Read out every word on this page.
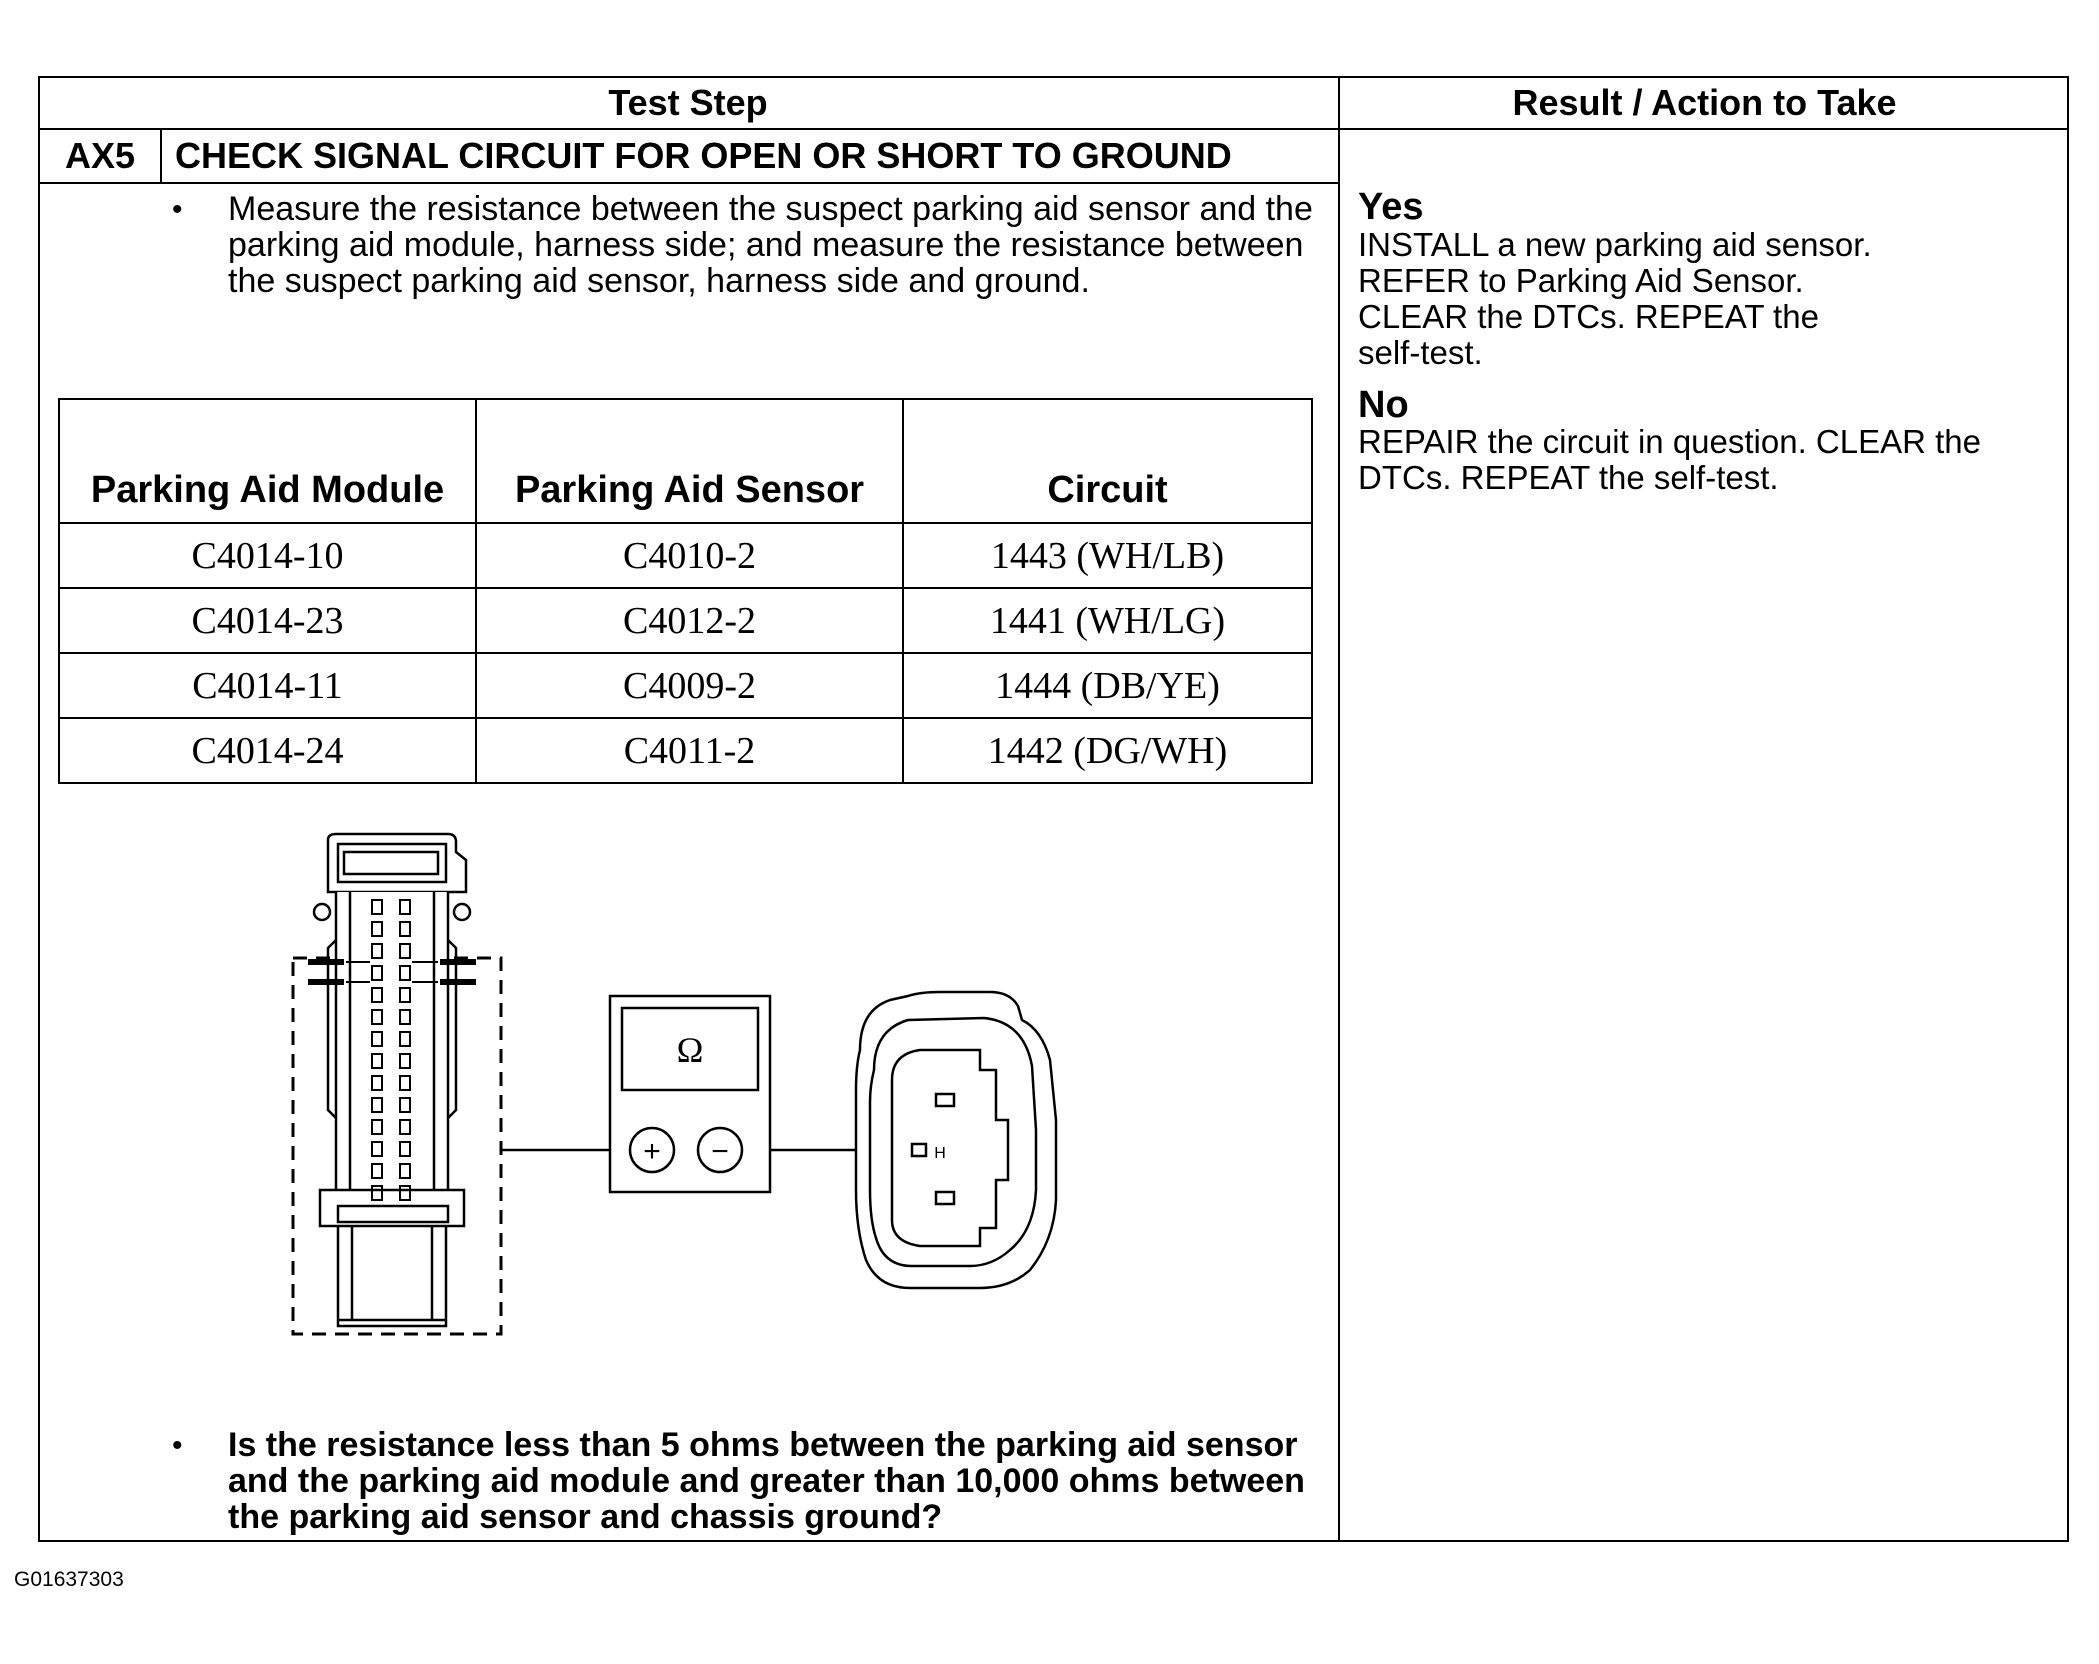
Test Step	Result / Action to Take
AX5	CHECK SIGNAL CIRCUIT FOR OPEN OR SHORT TO GROUND
• Measure the resistance between the suspect parking aid sensor and the parking aid module, harness side; and measure the resistance between the suspect parking aid sensor, harness side and ground.
Parking Aid Module	Parking Aid Sensor	Circuit
C4014-10	C4010-2	1443 (WH/LB)
C4014-23	C4012-2	1441 (WH/LG)
C4014-11	C4009-2	1444 (DB/YE)
C4014-24	C4011-2	1442 (DG/WH)
Ω
+ −	H
• Is the resistance less than 5 ohms between the parking aid sensor and the parking aid module and greater than 10,000 ohms between the parking aid sensor and chassis ground?
Yes
INSTALL a new parking aid sensor.
REFER to Parking Aid Sensor.
CLEAR the DTCs. REPEAT the
self-test.
No
REPAIR the circuit in question. CLEAR the
DTCs. REPEAT the self-test.
G01637303
